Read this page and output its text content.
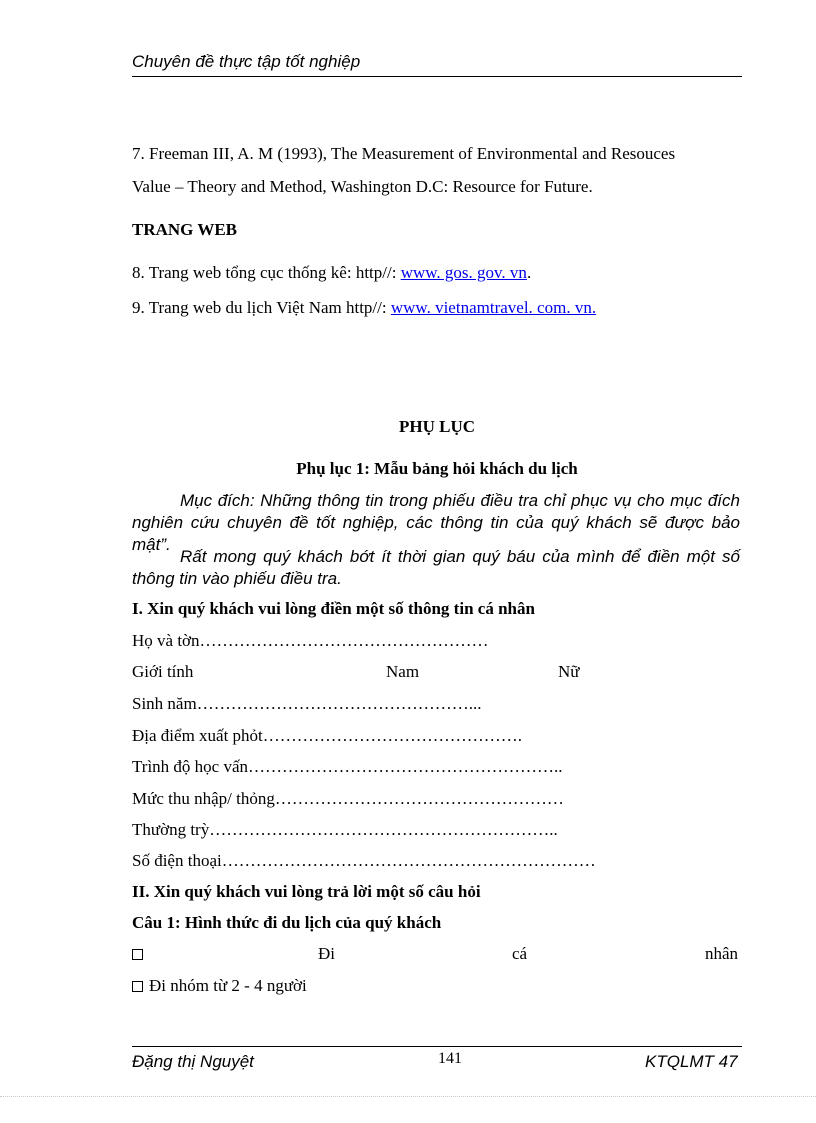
Chuyên đề thực tập tốt nghiệp
7. Freeman III, A. M (1993), The Measurement of Environmental and Resouces
Value – Theory and Method, Washington D.C: Resource for Future.
TRANG WEB
8. Trang web tổng cục thống kê: http//: www. gos. gov. vn.
9. Trang web du lịch Việt Nam http//: www. vietnamtravel. com. vn.
PHỤ LỤC
Phụ lục 1: Mẫu bảng hỏi khách du lịch
Mục đích: Những thông tin trong phiếu điều tra chỉ phục vụ cho mục đích nghiên cứu chuyên đề tốt nghiệp, các thông tin của quý khách sẽ được bảo mật”.
Rất mong quý khách bớt ít thời gian quý báu của mình để điền một số thông tin vào phiếu điều tra.
I. Xin quý khách vui lòng điền một số thông tin cá nhân
Họ và tờn……………………………………………
Giới tính	Nam	Nữ
Sinh năm…………………………………………...
Địa điểm xuất phỏt……………………………………….
Trình độ học vấn………………………………………………..
Mức thu nhập/ thỏng……………………………………………
Thường trỳ……………………………………………………..
Số điện thoại…………………………………………………………
II. Xin quý khách vui lòng trả lời một số câu hỏi
Câu 1: Hình thức đi du lịch của quý khách
Đi	cá	nhân
Đi nhóm từ 2 - 4 người
Đặng thị Nguyệt	141	KTQLMT 47
